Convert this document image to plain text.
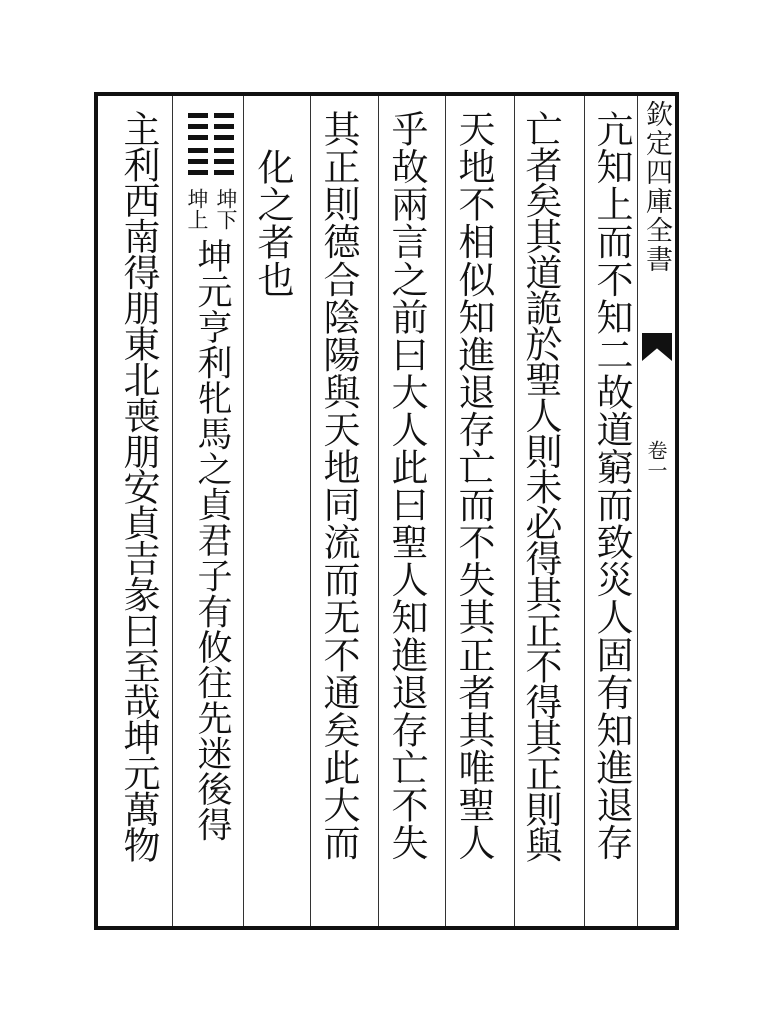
欽定四庫全書
卷一
亢知上而不知二故道窮而致災人固有知進退存
亡者矣其道詭於聖人則未必得其正不得其正則與
天地不相似知進退存亡而不失其正者其唯聖人
乎故兩言之前曰大人此曰聖人知進退存亡不失
其正則德合陰陽與天地同流而无不通矣此大而
化之者也
坤下
坤上
坤元亨利牝馬之貞君子有攸往先迷後得
主利西南得朋東北喪朋安貞吉彖曰至哉坤元萬物
